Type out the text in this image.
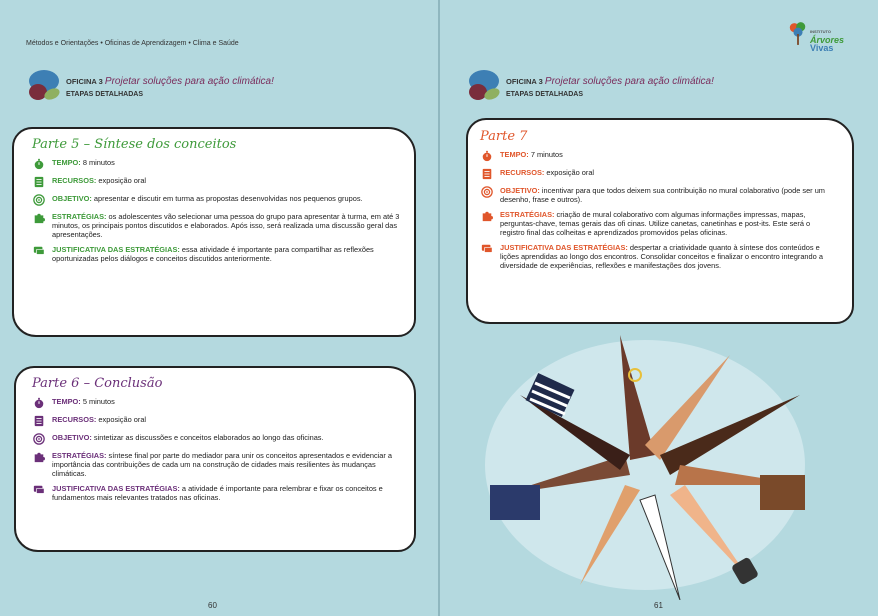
Métodos e Orientações • Oficinas de Aprendizagem • Clima e Saúde
OFICINA 3 Projetar soluções para ação climática!
ETAPAS DETALHADAS
Parte 5 – Síntese dos conceitos
TEMPO: 8 minutos
RECURSOS: exposição oral
OBJETIVO: apresentar e discutir em turma as propostas desenvolvidas nos pequenos grupos.
ESTRATÉGIAS: os adolescentes vão selecionar uma pessoa do grupo para apresentar à turma, em até 3 minutos, os principais pontos discutidos e elaborados. Após isso, será realizada uma discussão geral das apresentações.
JUSTIFICATIVA DAS ESTRATÉGIAS: essa atividade é importante para compartilhar as reflexões oportunizadas pelos diálogos e conceitos discutidos anteriormente.
Parte 6 – Conclusão
TEMPO: 5 minutos
RECURSOS: exposição oral
OBJETIVO: sintetizar as discussões e conceitos elaborados ao longo das oficinas.
ESTRATÉGIAS: síntese final por parte do mediador para unir os conceitos apresentados e evidenciar a importância das contribuições de cada um na construção de cidades mais resilientes às mudanças climáticas.
JUSTIFICATIVA DAS ESTRATÉGIAS: a atividade é importante para relembrar e fixar os conceitos e fundamentos mais relevantes tratados nas oficinas.
60
INSTITUTO
Árvores
Vivas
OFICINA 3 Projetar soluções para ação climática!
ETAPAS DETALHADAS
Parte 7
TEMPO: 7 minutos
RECURSOS: exposição oral
OBJETIVO: incentivar para que todos deixem sua contribuição no mural colaborativo (pode ser um desenho, frase e outros).
ESTRATÉGIAS: criação de mural colaborativo com algumas informações impressas, mapas, perguntas-chave, temas gerais das ofi cinas. Utilize canetas, canetinhas e post-its. Este será o registro final das colheitas e aprendizados promovidos pelas oficinas.
JUSTIFICATIVA DAS ESTRATÉGIAS: despertar a criatividade quanto à síntese dos conteúdos e lições aprendidas ao longo dos encontros. Consolidar conceitos e finalizar o encontro integrando a diversidade de experiências, reflexões e manifestações dos jovens.
61
